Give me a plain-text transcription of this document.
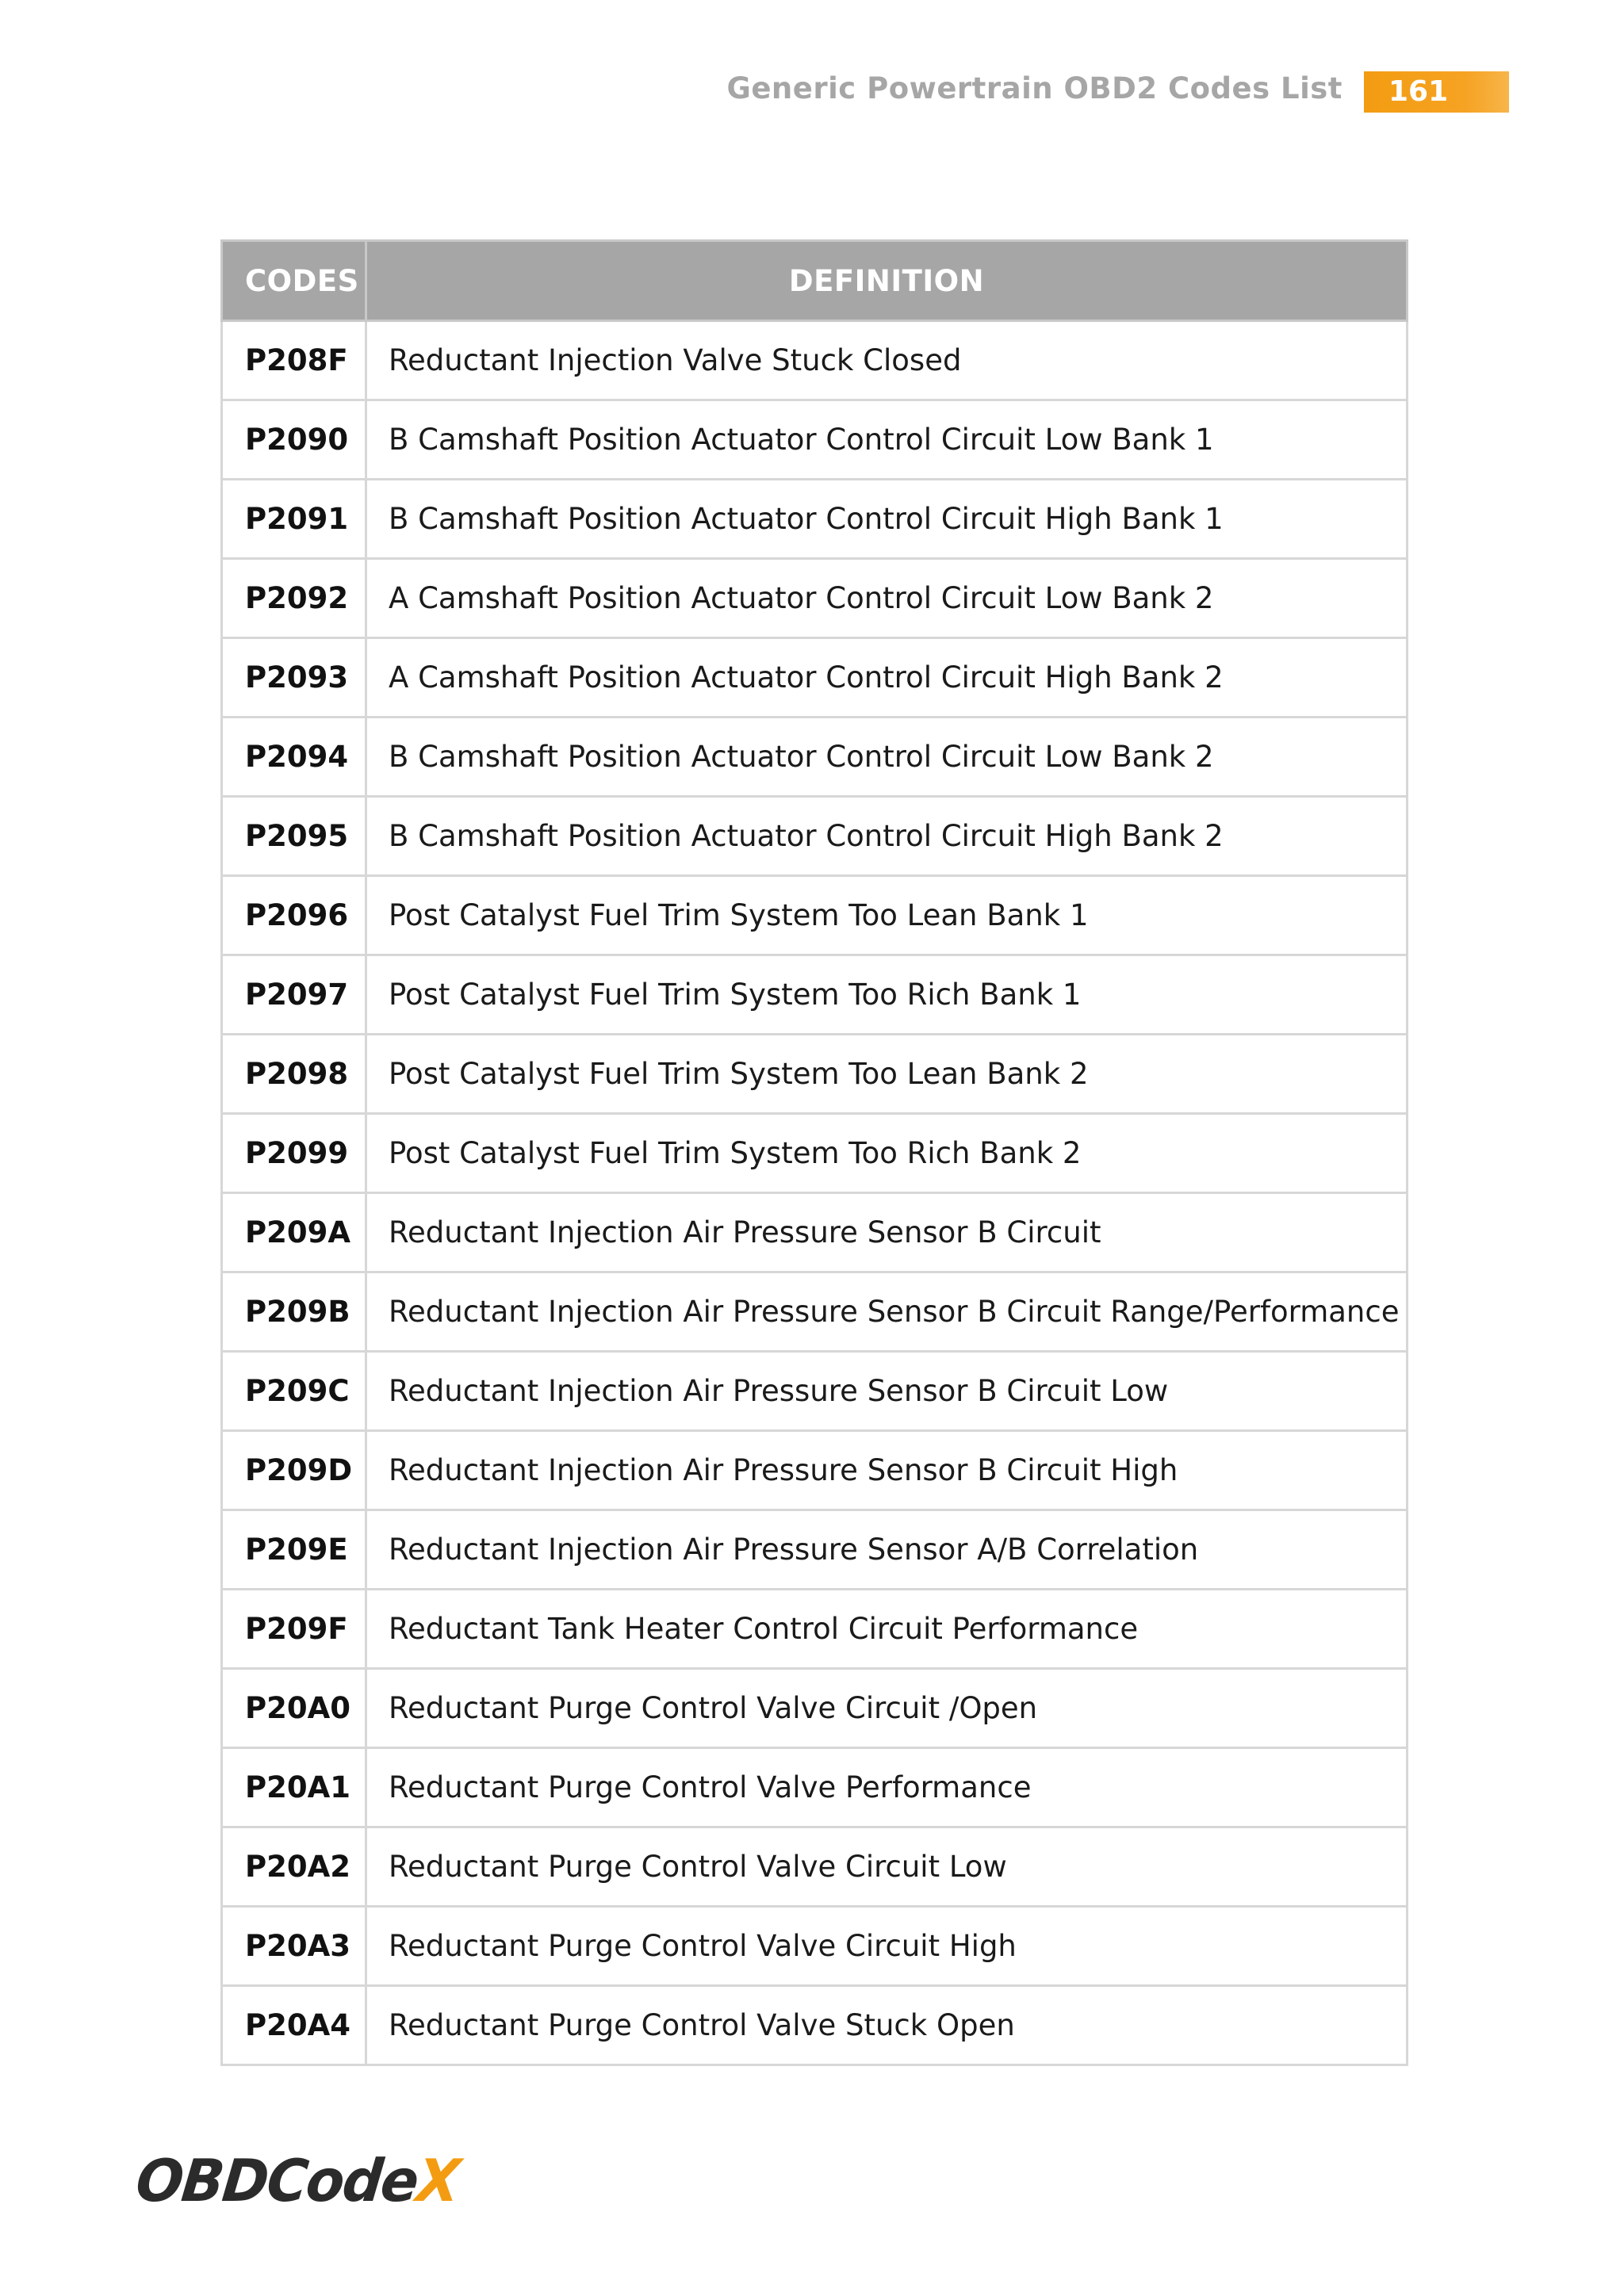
Generic Powertrain OBD2 Codes List	161
CODES	DEFINITION
P208F	Reductant Injection Valve Stuck Closed
P2090	B Camshaft Position Actuator Control Circuit Low Bank 1
P2091	B Camshaft Position Actuator Control Circuit High Bank 1
P2092	A Camshaft Position Actuator Control Circuit Low Bank 2
P2093	A Camshaft Position Actuator Control Circuit High Bank 2
P2094	B Camshaft Position Actuator Control Circuit Low Bank 2
P2095	B Camshaft Position Actuator Control Circuit High Bank 2
P2096	Post Catalyst Fuel Trim System Too Lean Bank 1
P2097	Post Catalyst Fuel Trim System Too Rich Bank 1
P2098	Post Catalyst Fuel Trim System Too Lean Bank 2
P2099	Post Catalyst Fuel Trim System Too Rich Bank 2
P209A	Reductant Injection Air Pressure Sensor B Circuit
P209B	Reductant Injection Air Pressure Sensor B Circuit Range/Performance
P209C	Reductant Injection Air Pressure Sensor B Circuit Low
P209D	Reductant Injection Air Pressure Sensor B Circuit High
P209E	Reductant Injection Air Pressure Sensor A/B Correlation
P209F	Reductant Tank Heater Control Circuit Performance
P20A0	Reductant Purge Control Valve Circuit /Open
P20A1	Reductant Purge Control Valve Performance
P20A2	Reductant Purge Control Valve Circuit Low
P20A3	Reductant Purge Control Valve Circuit High
P20A4	Reductant Purge Control Valve Stuck Open
OBDCodeX
